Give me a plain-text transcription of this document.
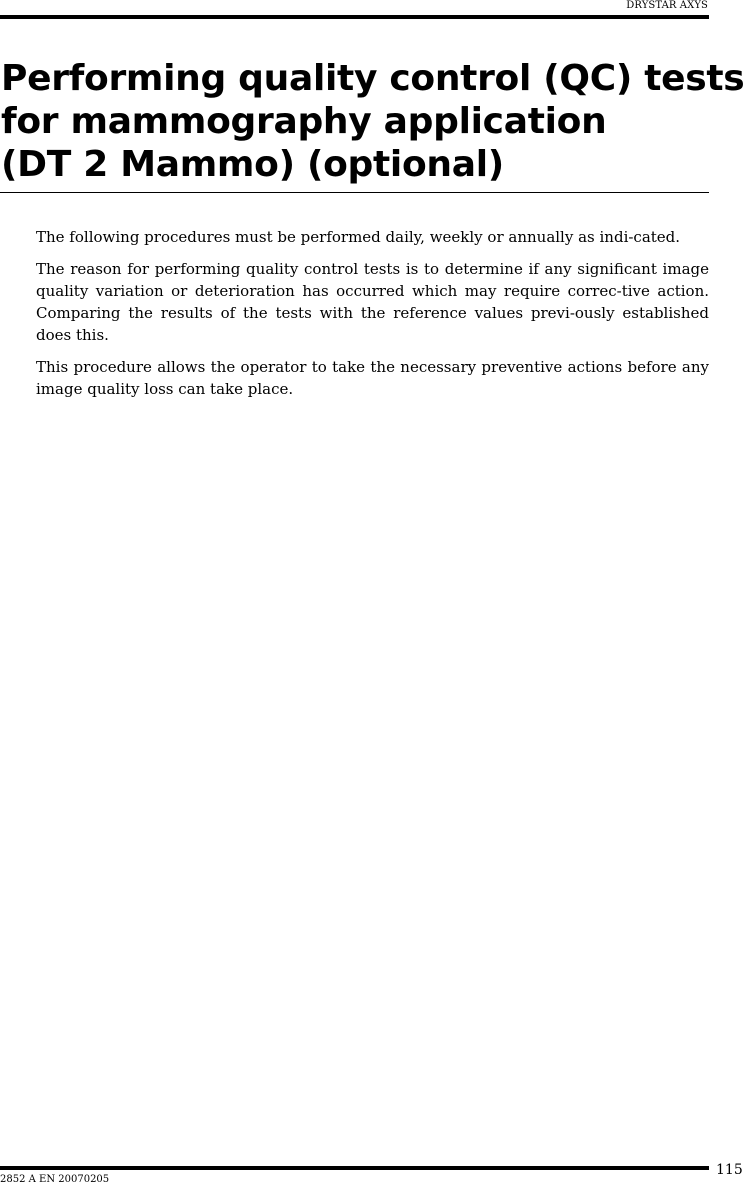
DRYSTAR AXYS
Performing quality control (QC) tests
for mammography application
(DT 2 Mammo) (optional)

The following procedures must be performed daily, weekly or annually as indi-cated.

The reason for performing quality control tests is to determine if any significant image quality variation or deterioration has occurred which may require correc-tive action. Comparing the results of the tests with the reference values previ-ously established does this.

This procedure allows the operator to take the necessary preventive actions before any image quality loss can take place.

2852 A EN 20070205
115
